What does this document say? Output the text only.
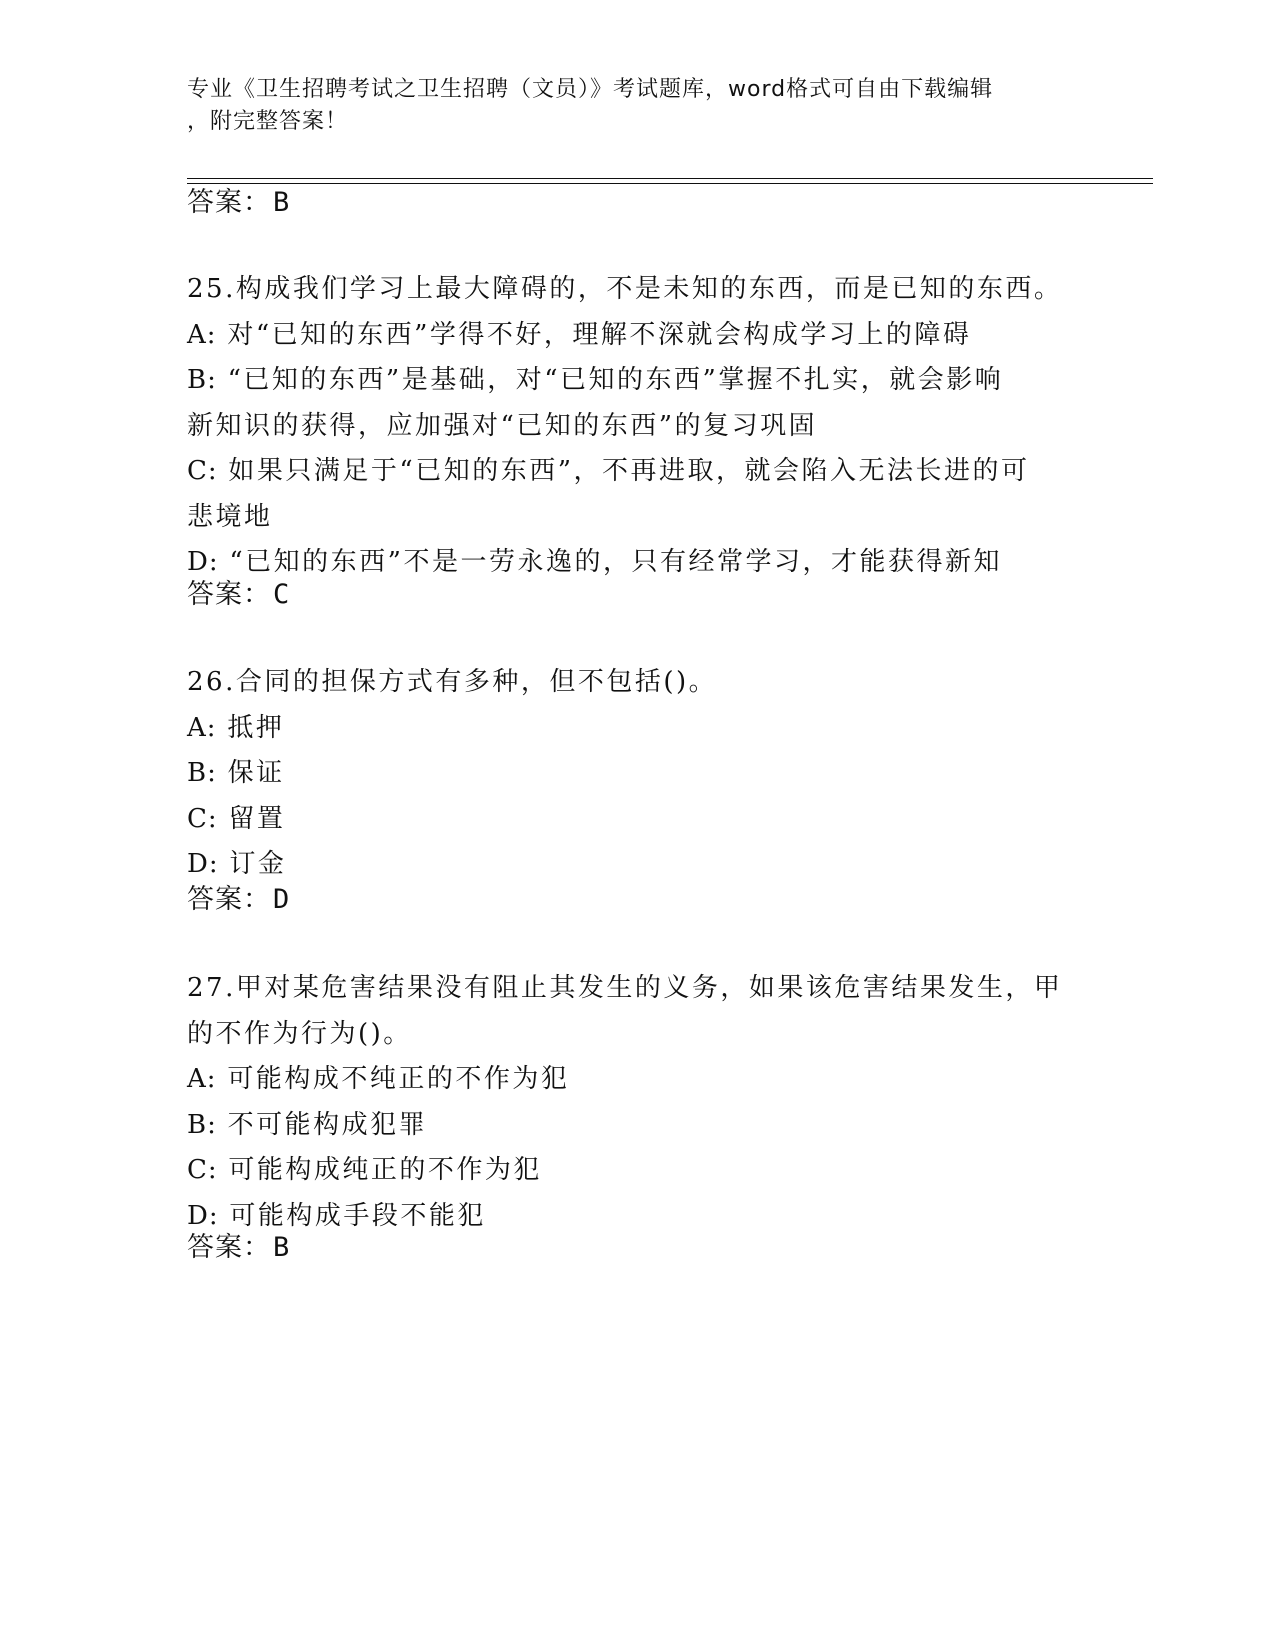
专业《卫生招聘考试之卫生招聘（文员）》考试题库，word格式可自由下载编辑
，附完整答案！
答案：B
25.构成我们学习上最大障碍的，不是未知的东西，而是已知的东西。
A: 对“已知的东西”学得不好，理解不深就会构成学习上的障碍
B: “已知的东西”是基础，对“已知的东西”掌握不扎实，就会影响
新知识的获得，应加强对“已知的东西”的复习巩固
C: 如果只满足于“已知的东西”，不再进取，就会陷入无法长进的可
悲境地
D: “已知的东西”不是一劳永逸的，只有经常学习，才能获得新知
答案：C
26.合同的担保方式有多种，但不包括()。
A: 抵押
B: 保证
C: 留置
D: 订金
答案：D
27.甲对某危害结果没有阻止其发生的义务，如果该危害结果发生，甲
的不作为行为()。
A: 可能构成不纯正的不作为犯
B: 不可能构成犯罪
C: 可能构成纯正的不作为犯
D: 可能构成手段不能犯
答案：B
